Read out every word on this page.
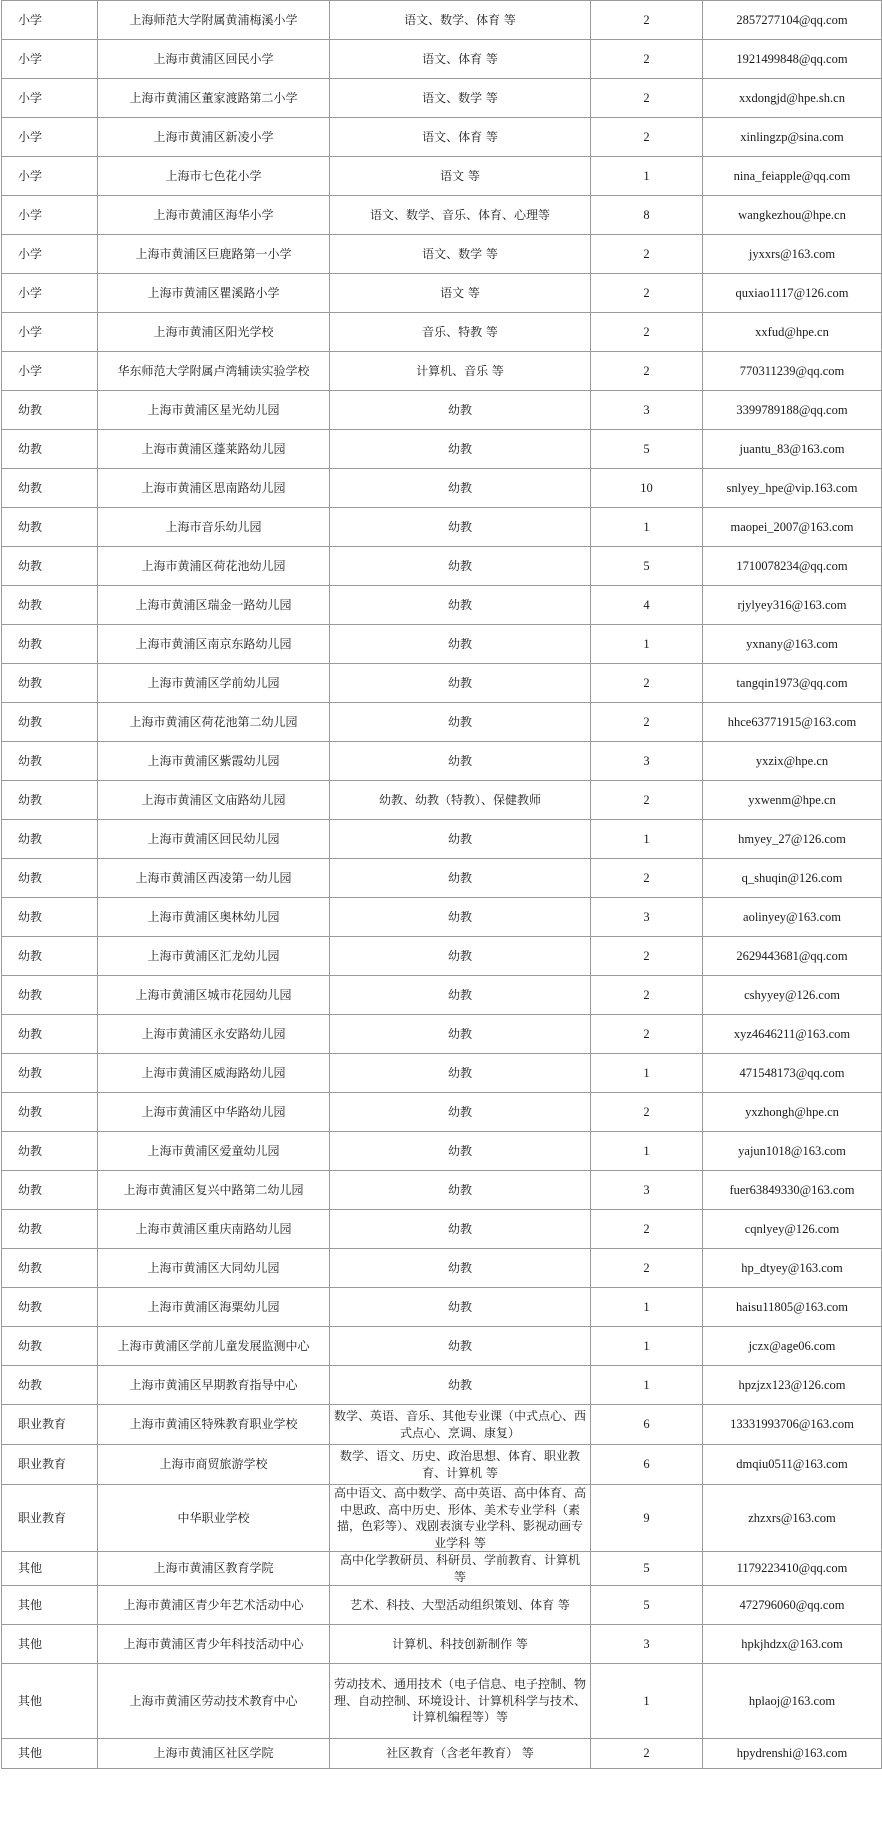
小学	上海师范大学附属黄浦梅溪小学	语文、数学、体育 等	2	2857277104@qq.com
小学	上海市黄浦区回民小学	语文、体育 等	2	1921499848@qq.com
小学	上海市黄浦区董家渡路第二小学	语文、数学 等	2	xxdongjd@hpe.sh.cn
小学	上海市黄浦区新凌小学	语文、体育 等	2	xinlingzp@sina.com
小学	上海市七色花小学	语文 等	1	nina_feiapple@qq.com
小学	上海市黄浦区海华小学	语文、数学、音乐、体育、心理等	8	wangkezhou@hpe.cn
小学	上海市黄浦区巨鹿路第一小学	语文、数学 等	2	jyxxrs@163.com
小学	上海市黄浦区瞿溪路小学	语文 等	2	quxiao1117@126.com
小学	上海市黄浦区阳光学校	音乐、特教 等	2	xxfud@hpe.cn
小学	华东师范大学附属卢湾辅读实验学校	计算机、音乐 等	2	770311239@qq.com
幼教	上海市黄浦区星光幼儿园	幼教	3	3399789188@qq.com
幼教	上海市黄浦区蓬莱路幼儿园	幼教	5	juantu_83@163.com
幼教	上海市黄浦区思南路幼儿园	幼教	10	snlyey_hpe@vip.163.com
幼教	上海市音乐幼儿园	幼教	1	maopei_2007@163.com
幼教	上海市黄浦区荷花池幼儿园	幼教	5	1710078234@qq.com
幼教	上海市黄浦区瑞金一路幼儿园	幼教	4	rjylyey316@163.com
幼教	上海市黄浦区南京东路幼儿园	幼教	1	yxnany@163.com
幼教	上海市黄浦区学前幼儿园	幼教	2	tangqin1973@qq.com
幼教	上海市黄浦区荷花池第二幼儿园	幼教	2	hhce63771915@163.com
幼教	上海市黄浦区紫霞幼儿园	幼教	3	yxzix@hpe.cn
幼教	上海市黄浦区文庙路幼儿园	幼教、幼教（特教）、保健教师	2	yxwenm@hpe.cn
幼教	上海市黄浦区回民幼儿园	幼教	1	hmyey_27@126.com
幼教	上海市黄浦区西凌第一幼儿园	幼教	2	q_shuqin@126.com
幼教	上海市黄浦区奥林幼儿园	幼教	3	aolinyey@163.com
幼教	上海市黄浦区汇龙幼儿园	幼教	2	2629443681@qq.com
幼教	上海市黄浦区城市花园幼儿园	幼教	2	cshyyey@126.com
幼教	上海市黄浦区永安路幼儿园	幼教	2	xyz4646211@163.com
幼教	上海市黄浦区威海路幼儿园	幼教	1	471548173@qq.com
幼教	上海市黄浦区中华路幼儿园	幼教	2	yxzhongh@hpe.cn
幼教	上海市黄浦区爱童幼儿园	幼教	1	yajun1018@163.com
幼教	上海市黄浦区复兴中路第二幼儿园	幼教	3	fuer63849330@163.com
幼教	上海市黄浦区重庆南路幼儿园	幼教	2	cqnlyey@126.com
幼教	上海市黄浦区大同幼儿园	幼教	2	hp_dtyey@163.com
幼教	上海市黄浦区海粟幼儿园	幼教	1	haisu11805@163.com
幼教	上海市黄浦区学前儿童发展监测中心	幼教	1	jczx@age06.com
幼教	上海市黄浦区早期教育指导中心	幼教	1	hpzjzx123@126.com
职业教育	上海市黄浦区特殊教育职业学校	数学、英语、音乐、其他专业课（中式点心、西式点心、烹调、康复）	6	13331993706@163.com
职业教育	上海市商贸旅游学校	数学、语文、历史、政治思想、体育、职业教育、计算机 等	6	dmqiu0511@163.com
职业教育	中华职业学校	高中语文、高中数学、高中英语、高中体育、高中思政、高中历史、形体、美术专业学科（素描，色彩等）、戏剧表演专业学科、影视动画专业学科 等	9	zhzxrs@163.com
其他	上海市黄浦区教育学院	高中化学教研员、科研员、学前教育、计算机 等	5	1179223410@qq.com
其他	上海市黄浦区青少年艺术活动中心	艺术、科技、大型活动组织策划、体育 等	5	472796060@qq.com
其他	上海市黄浦区青少年科技活动中心	计算机、科技创新制作 等	3	hpkjhdzx@163.com
其他	上海市黄浦区劳动技术教育中心	劳动技术、通用技术（电子信息、电子控制、物理、自动控制、环境设计、计算机科学与技术、计算机编程等）等	1	hplaoj@163.com
其他	上海市黄浦区社区学院	社区教育（含老年教育） 等	2	hpydrenshi@163.com
